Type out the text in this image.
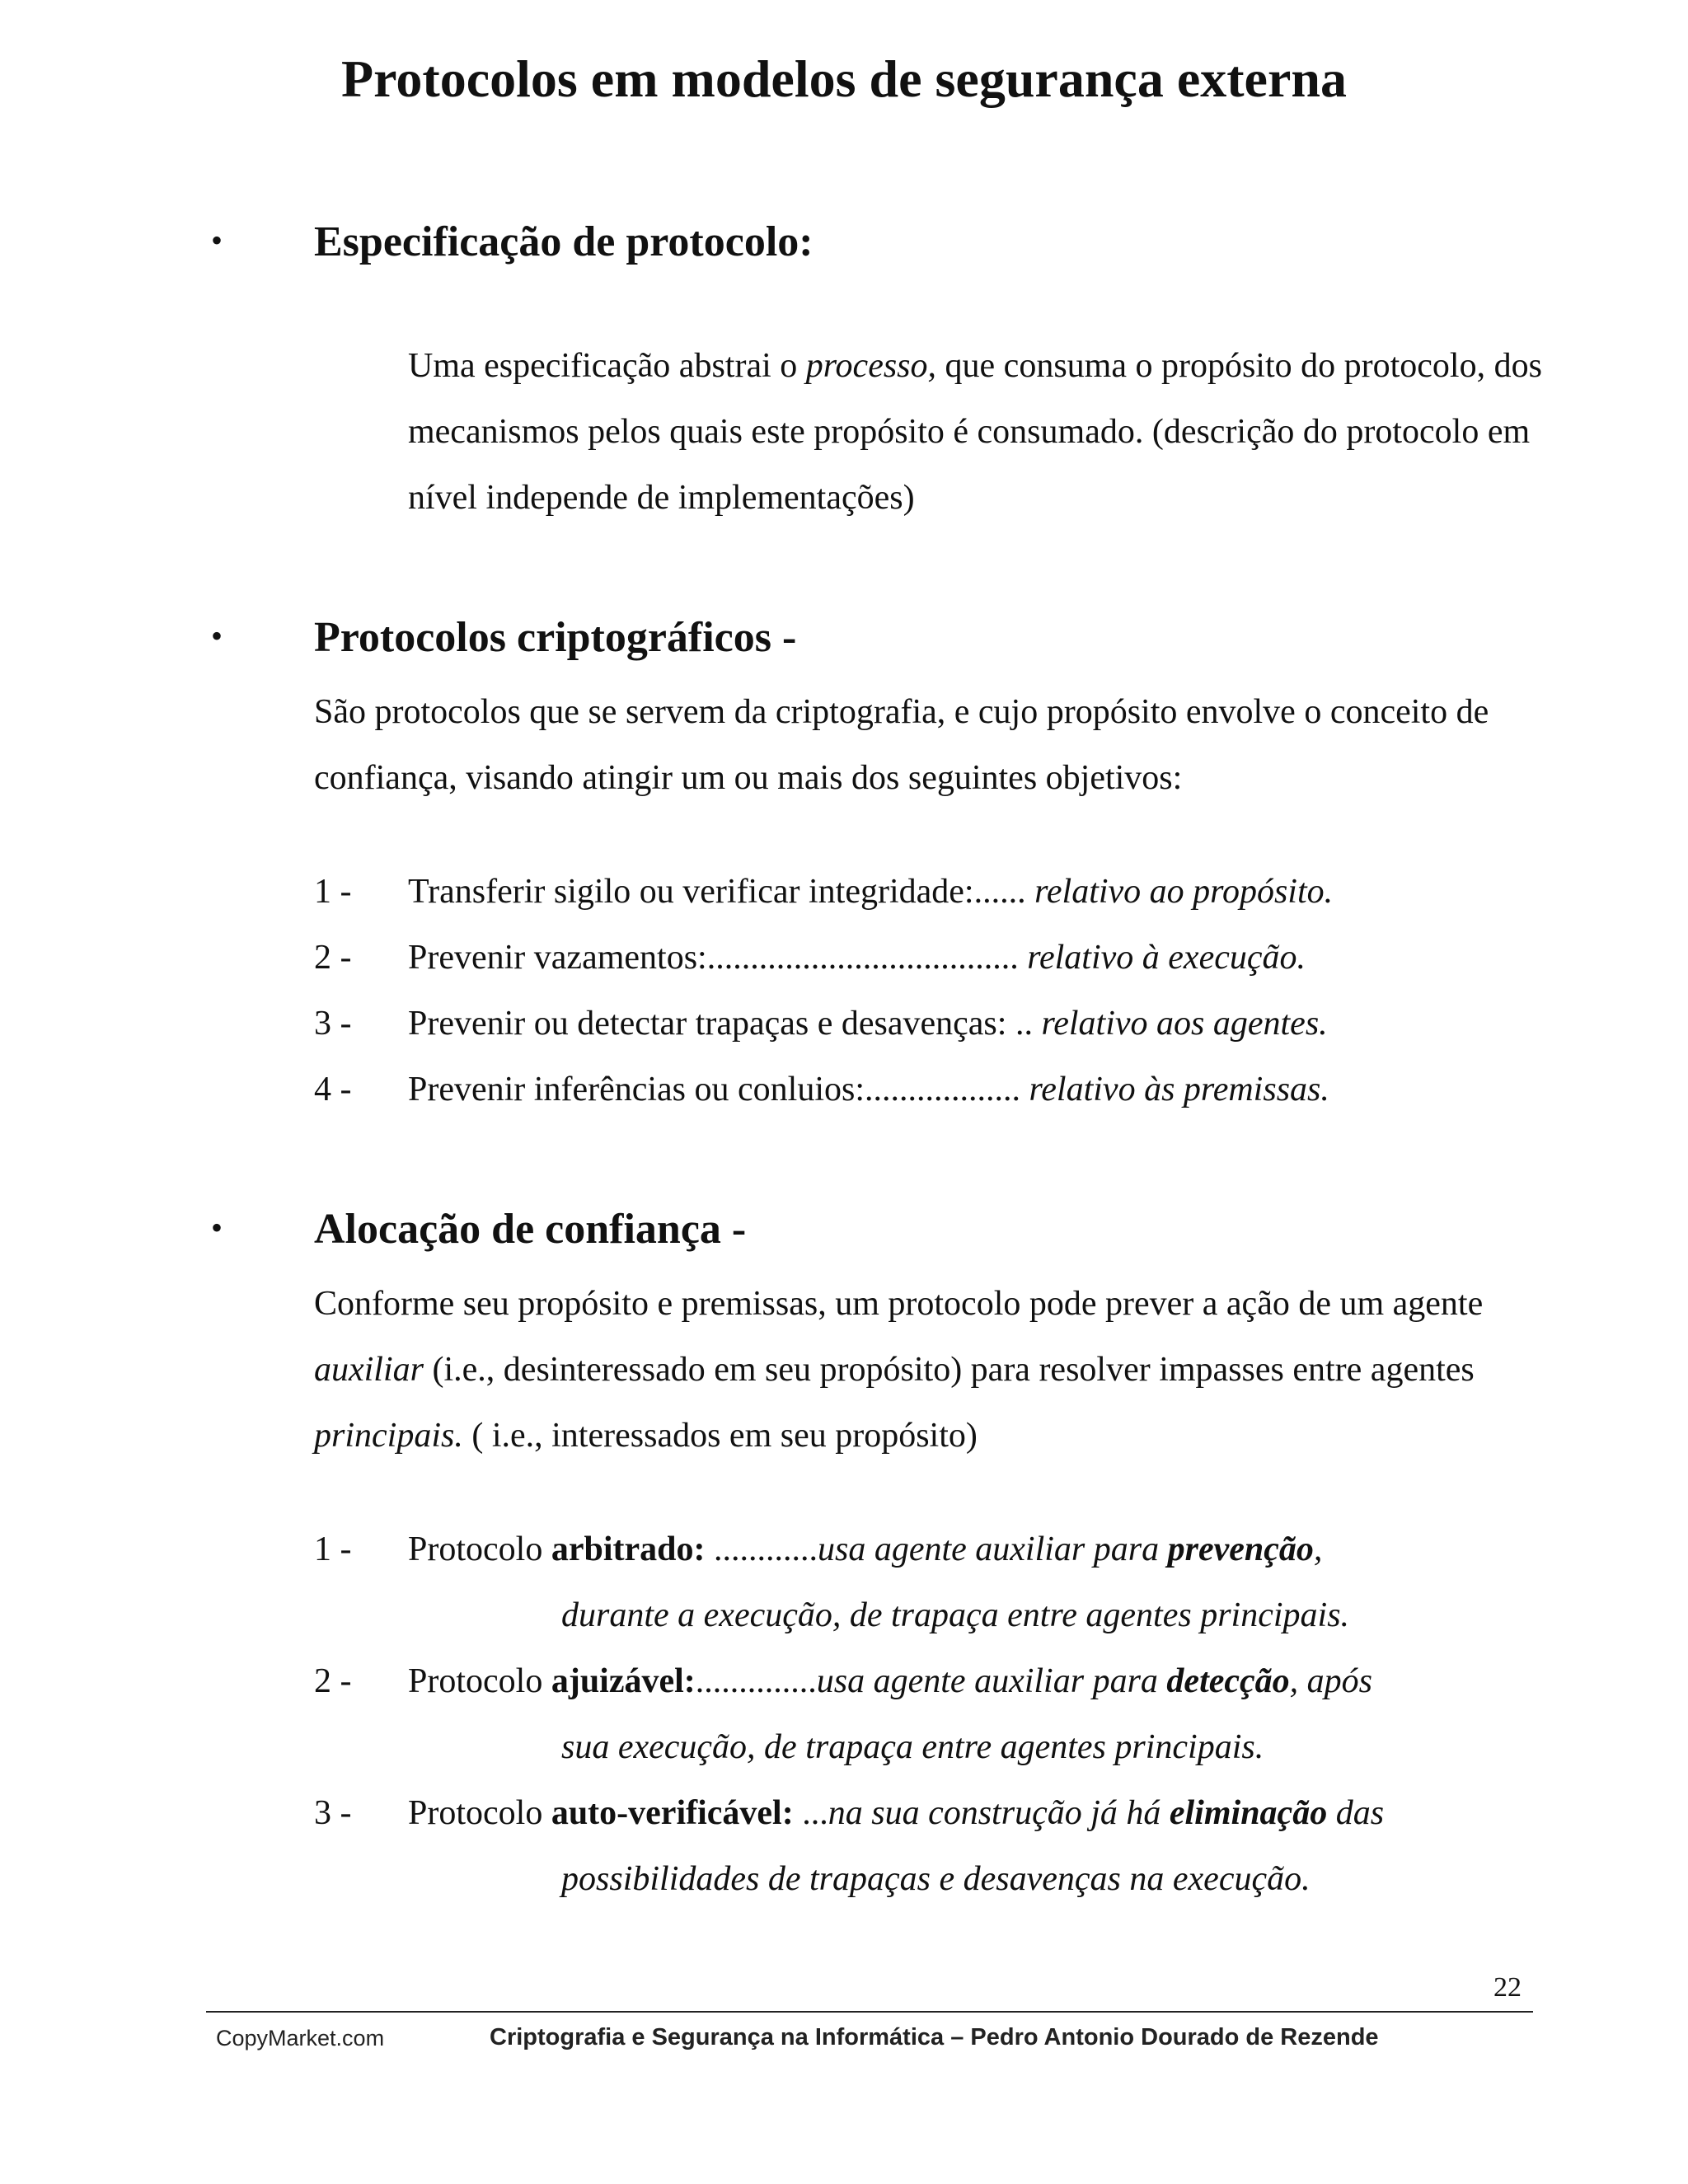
Protocolos em modelos de segurança externa
• Especificação de protocolo:
Uma especificação abstrai o processo, que consuma o propósito do protocolo, dos mecanismos pelos quais este propósito é consumado. (descrição do protocolo em nível independe de implementações)
• Protocolos criptográficos -
São protocolos que se servem da criptografia, e cujo propósito envolve o conceito de confiança, visando atingir um ou mais dos seguintes objetivos:
1 - Transferir sigilo ou verificar integridade:...... relativo ao propósito.
2 - Prevenir vazamentos:.................................... relativo à execução.
3 - Prevenir ou detectar trapaças e desavenças: .. relativo aos agentes.
4 - Prevenir inferências ou conluios:.................. relativo às premissas.
• Alocação de confiança -
Conforme seu propósito e premissas, um protocolo pode prever a ação de um agente auxiliar (i.e., desinteressado em seu propósito) para resolver impasses entre agentes principais. ( i.e., interessados em seu propósito)
1 - Protocolo arbitrado: ............usa agente auxiliar para prevenção,
durante a execução, de trapaça entre agentes principais.
2 - Protocolo ajuizável:..............usa agente auxiliar para detecção, após
sua execução, de trapaça entre agentes principais.
3 - Protocolo auto-verificável: ...na sua construção já há eliminação das
possibilidades de trapaças e desavenças na execução.
22
CopyMarket.com	Criptografia e Segurança na Informática – Pedro Antonio Dourado de Rezende
